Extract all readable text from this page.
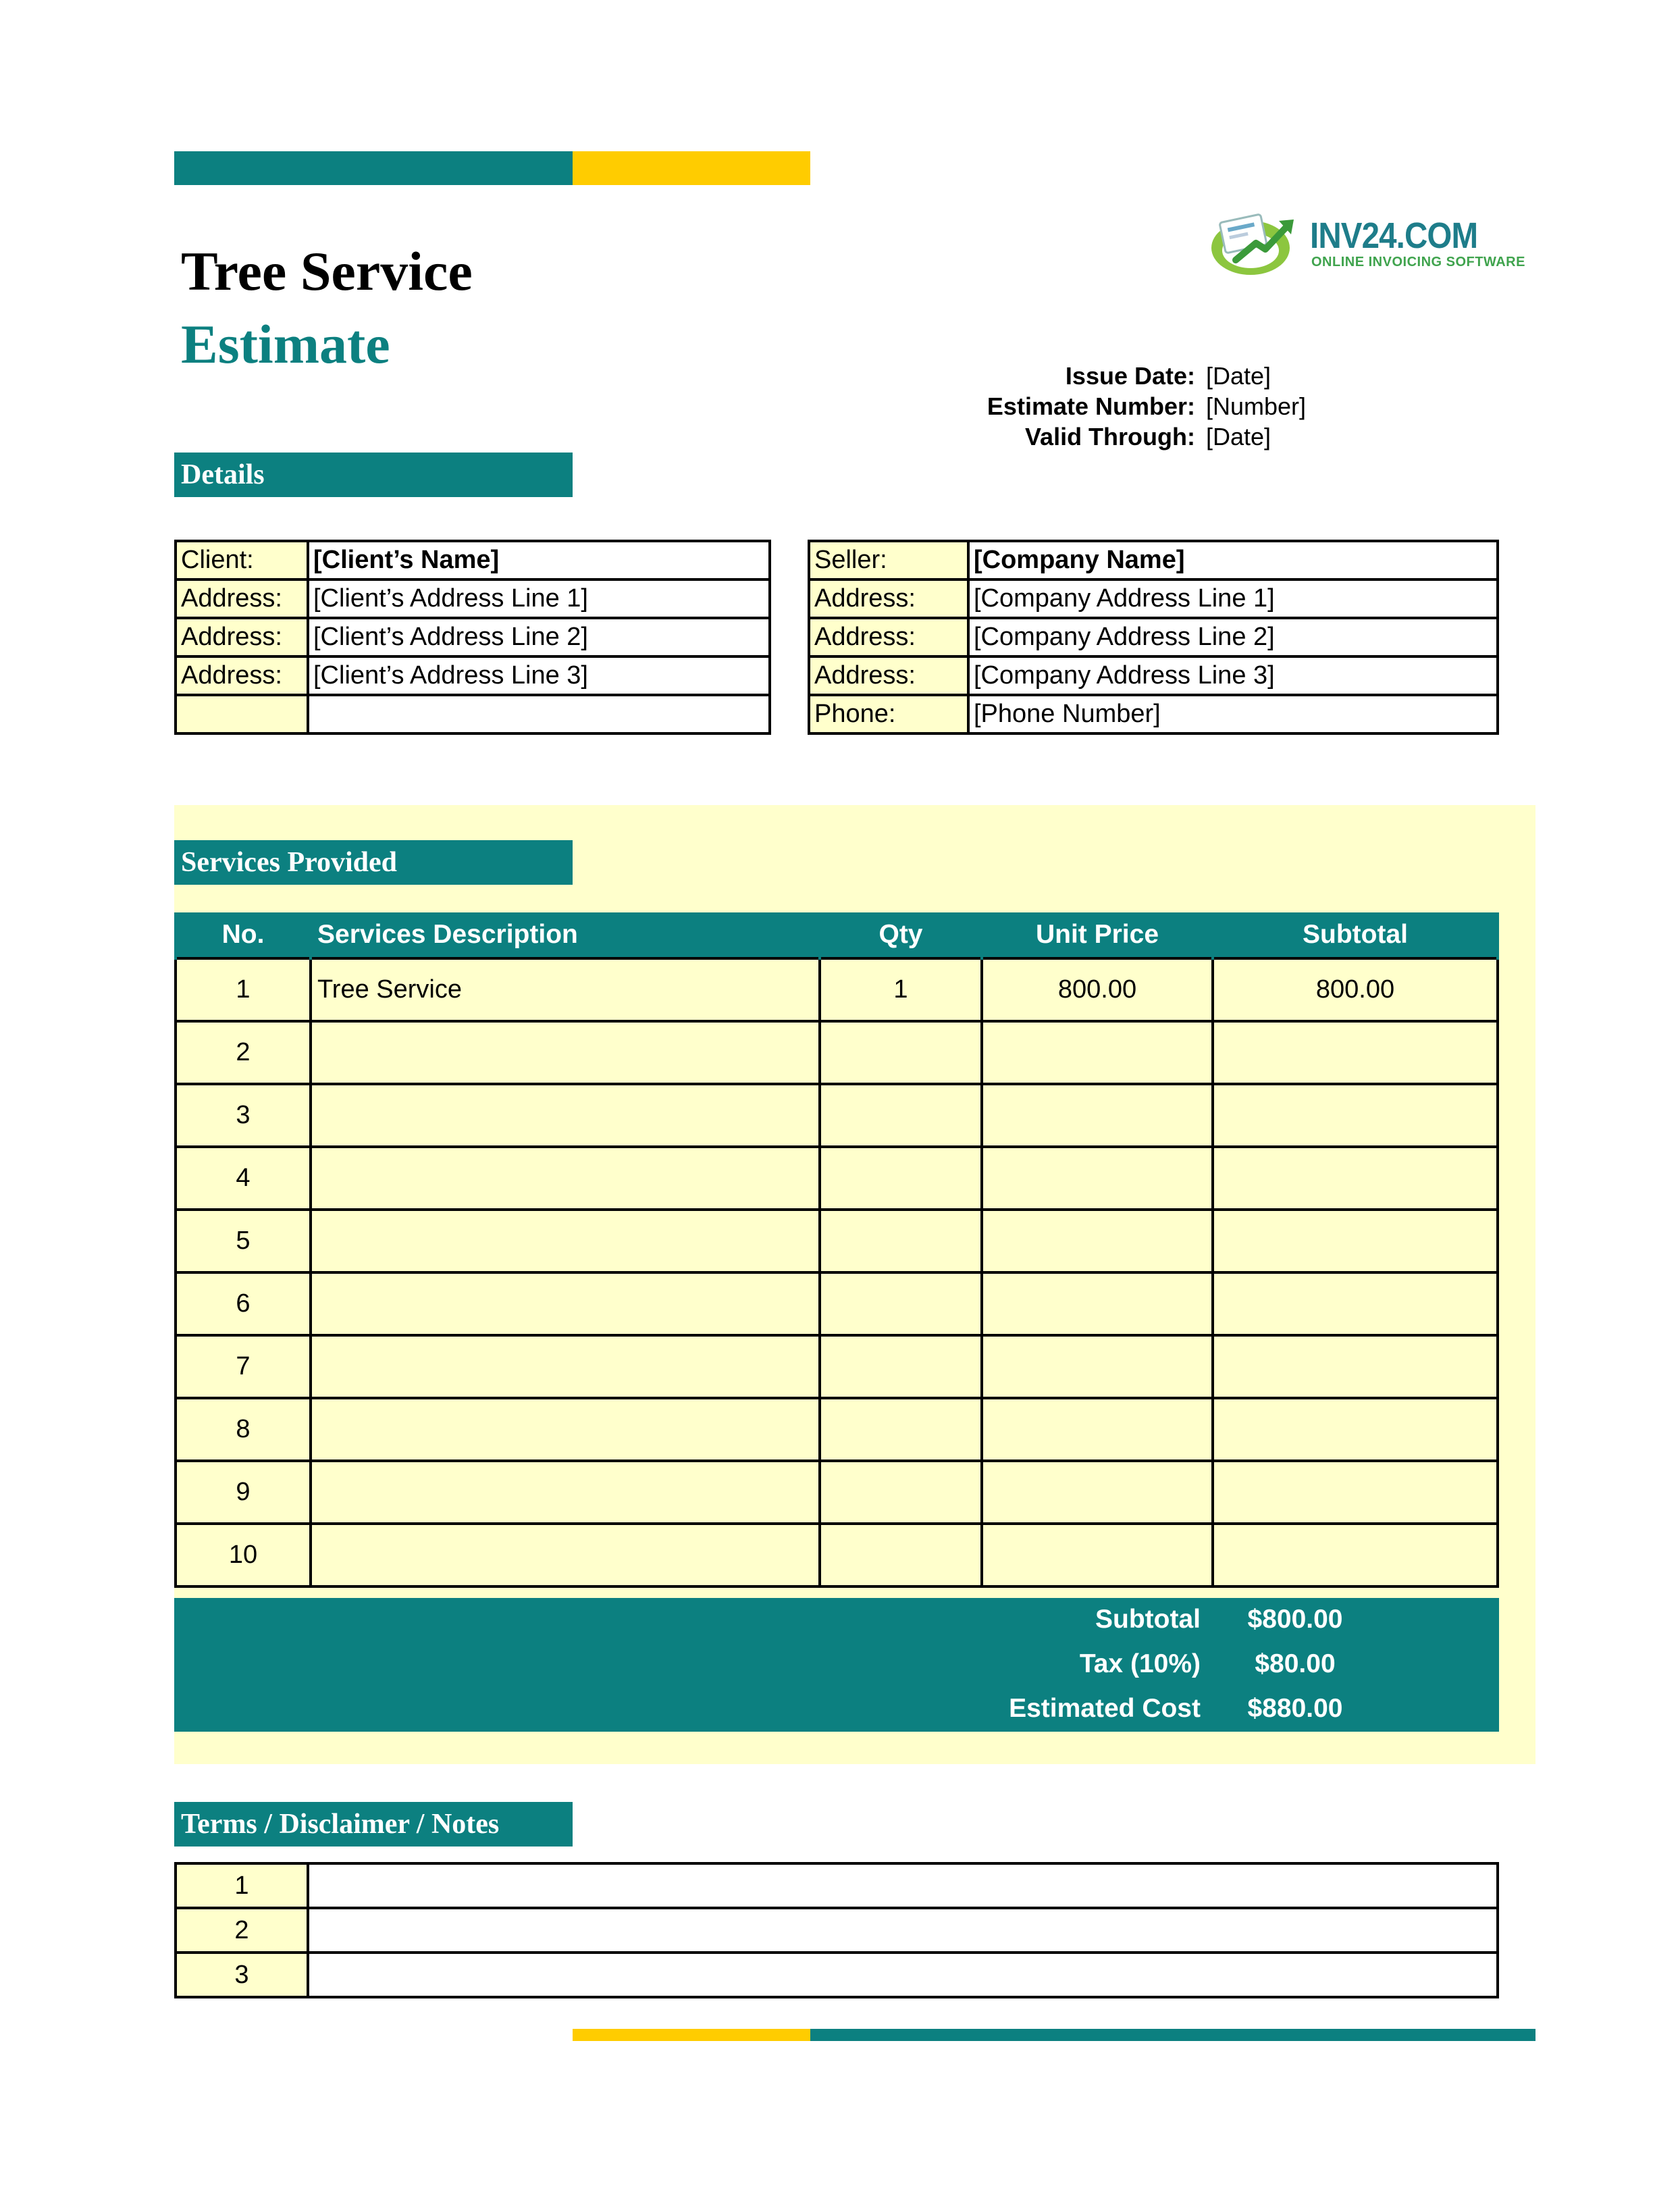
Tree Service
Estimate
INV24.COM
ONLINE INVOICING SOFTWARE
Issue Date: [Date]
Estimate Number: [Number]
Valid Through: [Date]
Details
Client:	[Client’s Name]
Address:	[Client’s Address Line 1]
Address:	[Client’s Address Line 2]
Address:	[Client’s Address Line 3]

Seller:	[Company Name]
Address:	[Company Address Line 1]
Address:	[Company Address Line 2]
Address:	[Company Address Line 3]
Phone:	[Phone Number]
Services Provided
No.	Services Description	Qty	Unit Price	Subtotal
1	Tree Service	1	800.00	800.00
2				
3				
4				
5				
6				
7				
8				
9				
10				
Subtotal $800.00
Tax (10%) $80.00
Estimated Cost $880.00
Terms / Disclaimer / Notes
1	
2	
3	
